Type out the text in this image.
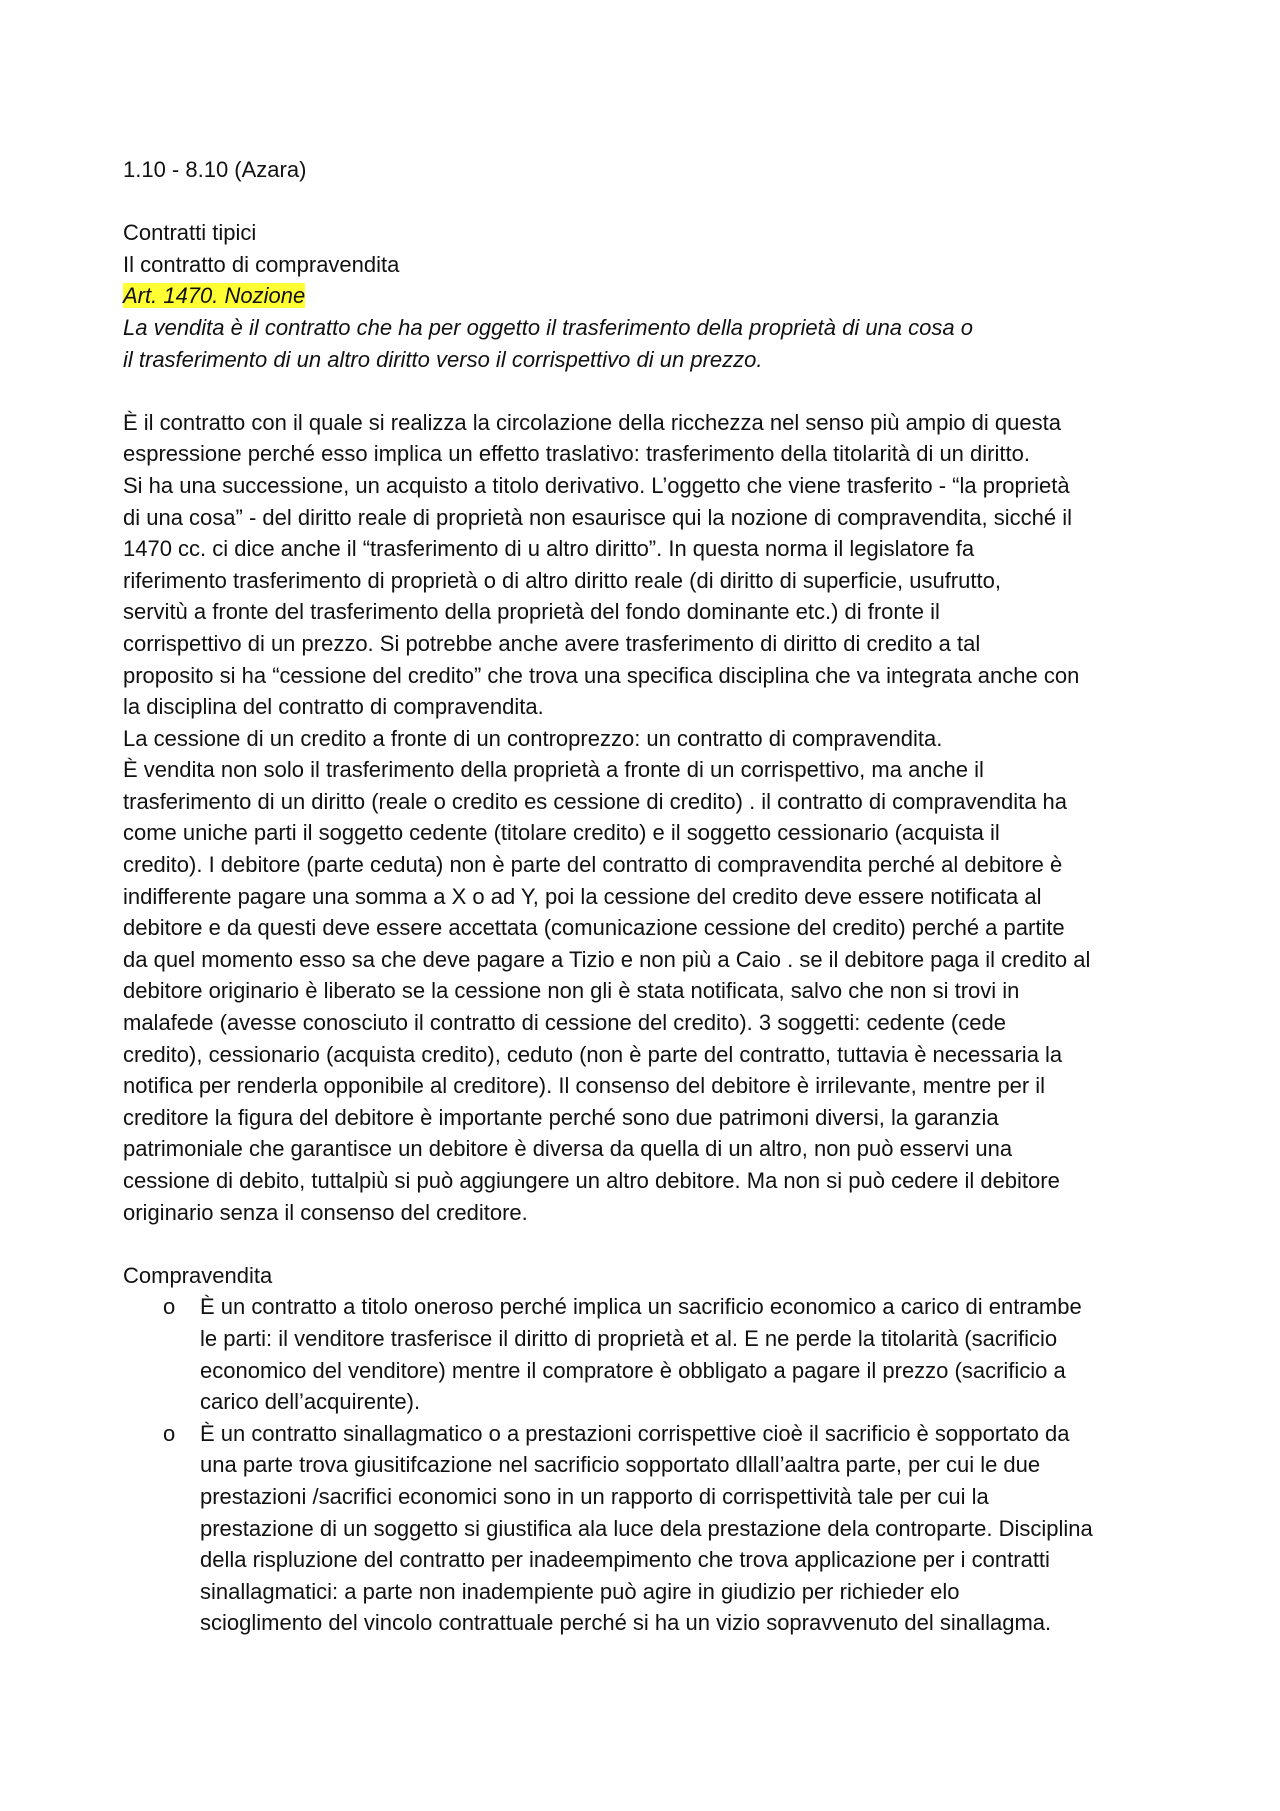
1.10 - 8.10 (Azara)
Contratti tipici
Il contratto di compravendita
Art. 1470. Nozione
La vendita è il contratto che ha per oggetto il trasferimento della proprietà di una cosa o
il trasferimento di un altro diritto verso il corrispettivo di un prezzo.
È il contratto con il quale si realizza la circolazione della ricchezza nel senso più ampio di questa
espressione perché esso implica un effetto traslativo: trasferimento della titolarità di un diritto.
Si ha una successione, un acquisto a titolo derivativo. L’oggetto che viene trasferito - “la proprietà
di una cosa” - del diritto reale di proprietà non esaurisce qui la nozione di compravendita, sicché il
1470 cc. ci dice anche il “trasferimento di u altro diritto”. In questa norma il legislatore fa
riferimento trasferimento di proprietà o di altro diritto reale (di diritto di superficie, usufrutto,
servitù a fronte del trasferimento della proprietà del fondo dominante etc.) di fronte il
corrispettivo di un prezzo. Si potrebbe anche avere trasferimento di diritto di credito a tal
proposito si ha “cessione del credito” che trova una specifica disciplina che va integrata anche con
la disciplina del contratto di compravendita.
La cessione di un credito a fronte di un controprezzo: un contratto di compravendita.
È vendita non solo il trasferimento della proprietà a fronte di un corrispettivo, ma anche il
trasferimento di un diritto (reale o credito es cessione di credito) . il contratto di compravendita ha
come uniche parti il soggetto cedente (titolare credito) e il soggetto cessionario (acquista il
credito). I debitore (parte ceduta) non è parte del contratto di compravendita perché al debitore è
indifferente pagare una somma a X o ad Y, poi la cessione del credito deve essere notificata al
debitore e da questi deve essere accettata (comunicazione cessione del credito) perché a partite
da quel momento esso sa che deve pagare a Tizio e non più a Caio . se il debitore paga il credito al
debitore originario è liberato se la cessione non gli è stata notificata, salvo che non si trovi in
malafede (avesse conosciuto il contratto di cessione del credito). 3 soggetti: cedente (cede
credito), cessionario (acquista credito), ceduto (non è parte del contratto, tuttavia è necessaria la
notifica per renderla opponibile al creditore). Il consenso del debitore è irrilevante, mentre per il
creditore la figura del debitore è importante perché sono due patrimoni diversi, la garanzia
patrimoniale che garantisce un debitore è diversa da quella di un altro, non può esservi una
cessione di debito, tuttalpiù si può aggiungere un altro debitore. Ma non si può cedere il debitore
originario senza il consenso del creditore.
Compravendita
o È un contratto a titolo oneroso perché implica un sacrificio economico a carico di entrambe
le parti: il venditore trasferisce il diritto di proprietà et al. E ne perde la titolarità (sacrificio
economico del venditore) mentre il compratore è obbligato a pagare il prezzo (sacrificio a
carico dell’acquirente).
o È un contratto sinallagmatico o a prestazioni corrispettive cioè il sacrificio è sopportato da
una parte trova giusitifcazione nel sacrificio sopportato dllall’aaltra parte, per cui le due
prestazioni /sacrifici economici sono in un rapporto di corrispettività tale per cui la
prestazione di un soggetto si giustifica ala luce dela prestazione dela controparte. Disciplina
della rispluzione del contratto per inadeempimento che trova applicazione per i contratti
sinallagmatici: a parte non inadempiente può agire in giudizio per richieder elo
scioglimento del vincolo contrattuale perché si ha un vizio sopravvenuto del sinallagma.
